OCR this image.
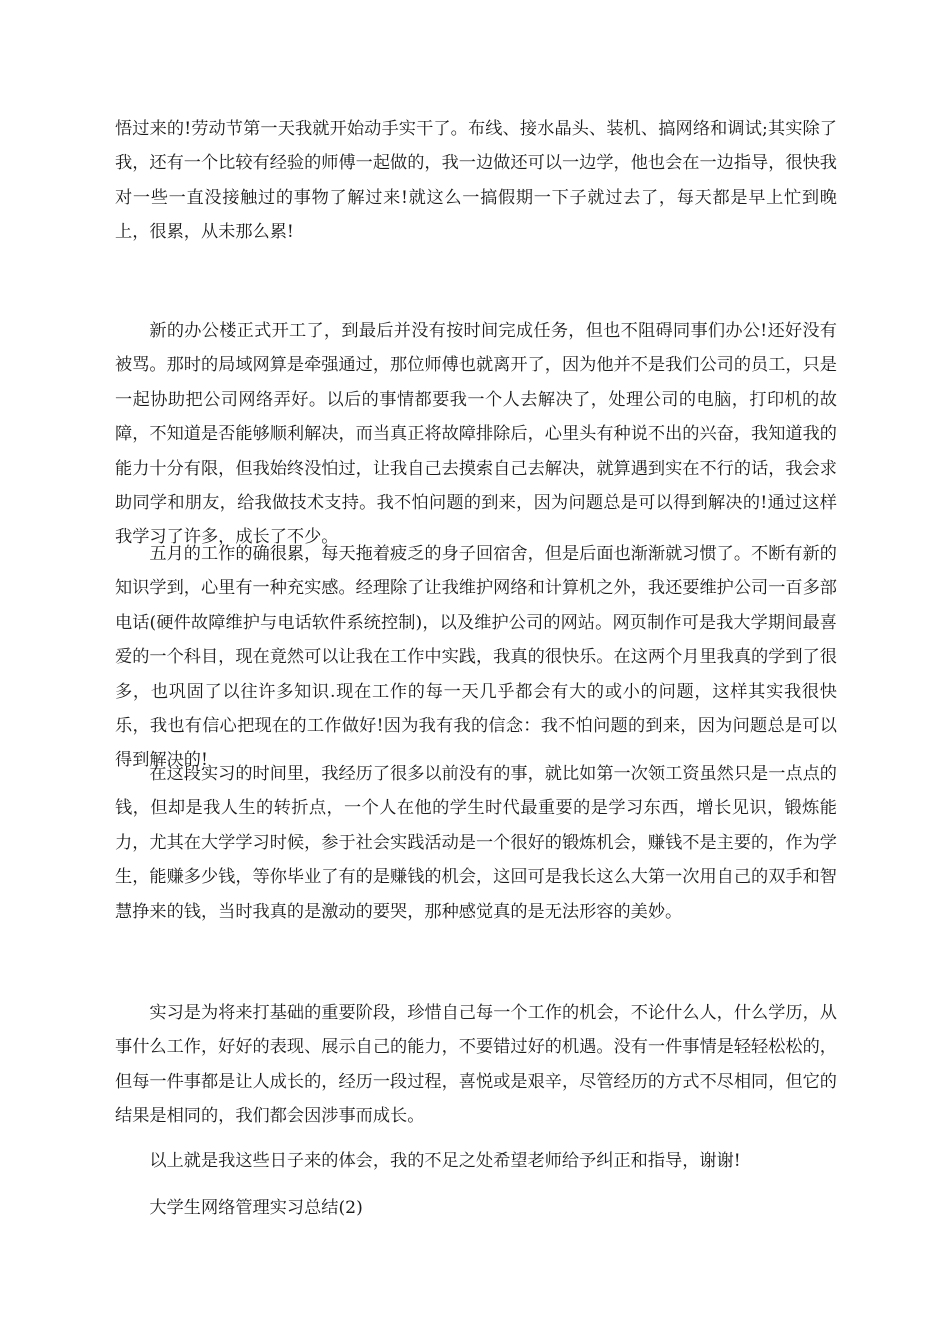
悟过来的!劳动节第一天我就开始动手实干了。布线、接水晶头、装机、搞网络和调试;其实除了我，还有一个比较有经验的师傅一起做的，我一边做还可以一边学，他也会在一边指导，很快我对一些一直没接触过的事物了解过来!就这么一搞假期一下子就过去了，每天都是早上忙到晚上，很累，从未那么累!

新的办公楼正式开工了，到最后并没有按时间完成任务，但也不阻碍同事们办公!还好没有被骂。那时的局域网算是牵强通过，那位师傅也就离开了，因为他并不是我们公司的员工，只是一起协助把公司网络弄好。以后的事情都要我一个人去解决了，处理公司的电脑，打印机的故障，不知道是否能够顺利解决，而当真正将故障排除后，心里头有种说不出的兴奋，我知道我的能力十分有限，但我始终没怕过，让我自己去摸索自己去解决，就算遇到实在不行的话，我会求助同学和朋友，给我做技术支持。我不怕问题的到来，因为问题总是可以得到解决的!通过这样我学习了许多，成长了不少。

五月的工作的确很累，每天拖着疲乏的身子回宿舍，但是后面也渐渐就习惯了。不断有新的知识学到，心里有一种充实感。经理除了让我维护网络和计算机之外，我还要维护公司一百多部电话(硬件故障维护与电话软件系统控制)，以及维护公司的网站。网页制作可是我大学期间最喜爱的一个科目，现在竟然可以让我在工作中实践，我真的很快乐。在这两个月里我真的学到了很多，也巩固了以往许多知识.现在工作的每一天几乎都会有大的或小的问题，这样其实我很快乐，我也有信心把现在的工作做好!因为我有我的信念：我不怕问题的到来，因为问题总是可以得到解决的!

在这段实习的时间里，我经历了很多以前没有的事，就比如第一次领工资虽然只是一点点的钱，但却是我人生的转折点，一个人在他的学生时代最重要的是学习东西，增长见识，锻炼能力，尤其在大学学习时候，参于社会实践活动是一个很好的锻炼机会，赚钱不是主要的，作为学生，能赚多少钱，等你毕业了有的是赚钱的机会，这回可是我长这么大第一次用自己的双手和智慧挣来的钱，当时我真的是激动的要哭，那种感觉真的是无法形容的美妙。

实习是为将来打基础的重要阶段，珍惜自己每一个工作的机会，不论什么人，什么学历，从事什么工作，好好的表现、展示自己的能力，不要错过好的机遇。没有一件事情是轻轻松松的，但每一件事都是让人成长的，经历一段过程，喜悦或是艰辛，尽管经历的方式不尽相同，但它的结果是相同的，我们都会因涉事而成长。

以上就是我这些日子来的体会，我的不足之处希望老师给予纠正和指导，谢谢!

大学生网络管理实习总结(2)
